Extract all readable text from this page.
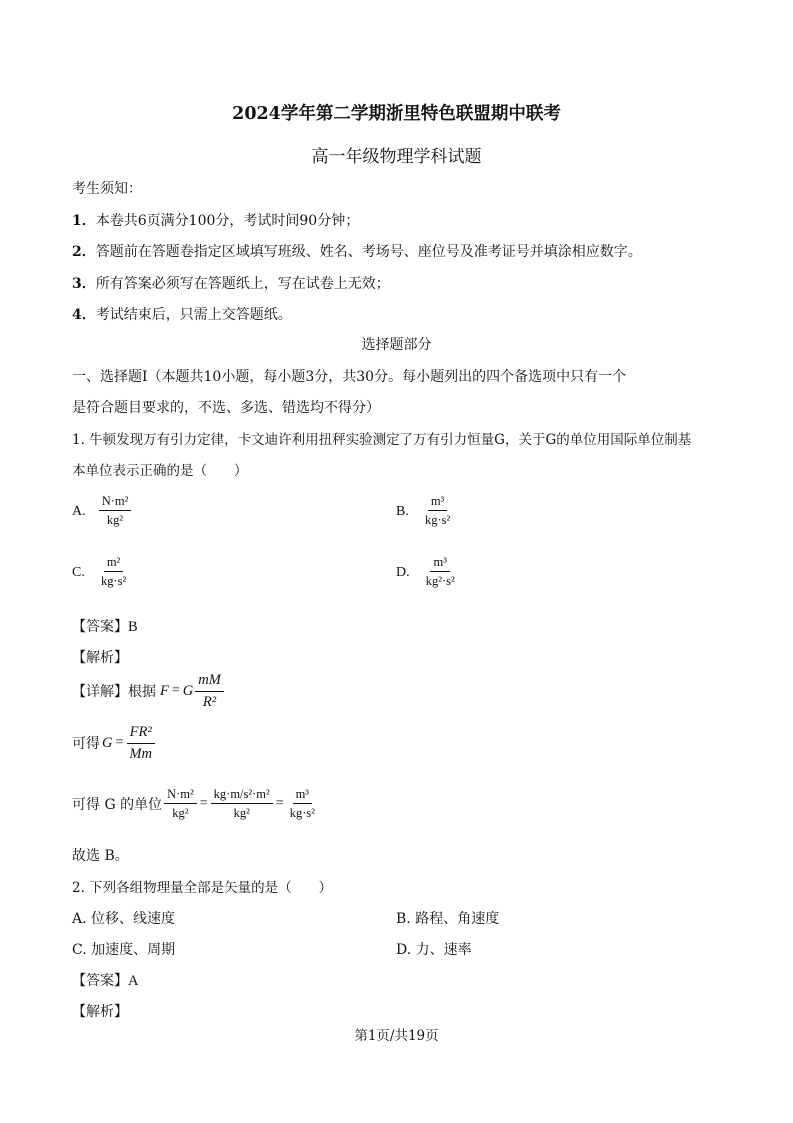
2024学年第二学期浙里特色联盟期中联考
高一年级物理学科试题
考生须知：
1．本卷共6页满分100分，考试时间90分钟；
2．答题前在答题卷指定区域填写班级、姓名、考场号、座位号及准考证号并填涂相应数字。
3．所有答案必须写在答题纸上，写在试卷上无效；
4．考试结束后，只需上交答题纸。
选择题部分
一、选择题Ⅰ（本题共10小题，每小题3分，共30分。每小题列出的四个备选项中只有一个
是符合题目要求的，不选、多选、错选均不得分）
1. 牛顿发现万有引力定律，卡文迪许利用扭秤实验测定了万有引力恒量G，关于G的单位用国际单位制基
本单位表示正确的是（　　）
A. $\frac{\text{N·m²}}{\text{kg²}}$	B. $\frac{\text{m³}}{\text{kg·s²}}$
C. $\frac{\text{m²}}{\text{kg·s²}}$	D. $\frac{\text{m³}}{\text{kg²·s²}}$
【答案】B
【解析】
【详解】 根据 F = G $\frac{mM}{\text{R²}}$
可得 $G = \frac{\text{FR²}}{Mm}$
可得 G 的单位 $\frac{\text{N·m²}}{\text{kg²}} = \frac{\text{kg·m/s²·m²}}{\text{kg²}} = \frac{\text{m³}}{\text{kg·s²}}$
故选 B。
2. 下列各组物理量全部是矢量的是（　　）
A. 位移、线速度	B. 路程、角速度
C. 加速度、周期	D. 力、速率
【答案】A
【解析】
第1页/共19页
